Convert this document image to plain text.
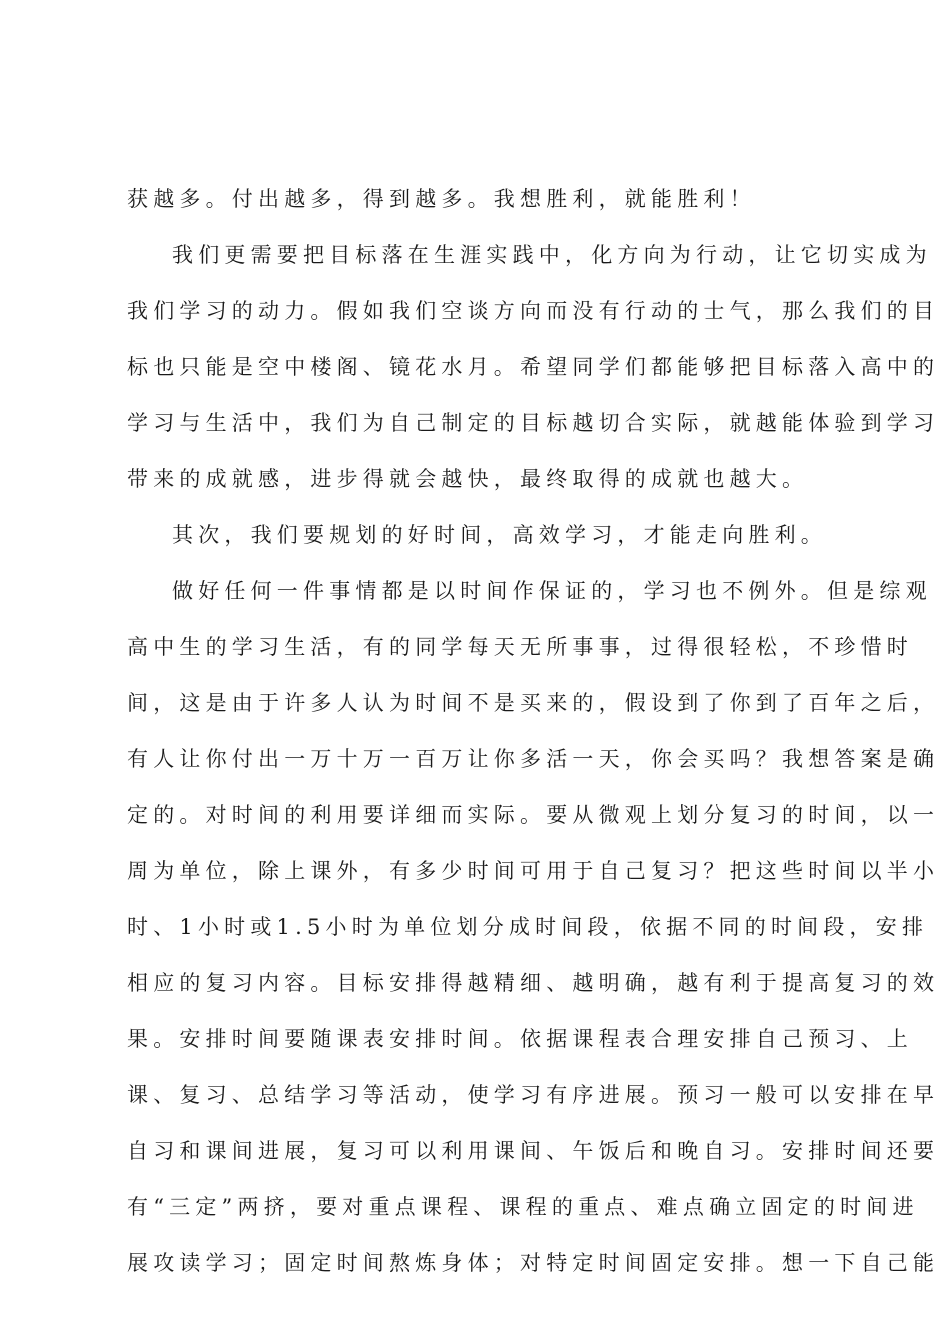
获越多。付出越多，得到越多。我想胜利，就能胜利！
我们更需要把目标落在生涯实践中，化方向为行动，让它切实成为
我们学习的动力。假如我们空谈方向而没有行动的士气，那么我们的目
标也只能是空中楼阁、镜花水月。希望同学们都能够把目标落入高中的
学习与生活中，我们为自己制定的目标越切合实际，就越能体验到学习
带来的成就感，进步得就会越快，最终取得的成就也越大。
其次，我们要规划的好时间，高效学习，才能走向胜利。
做好任何一件事情都是以时间作保证的，学习也不例外。但是综观
高中生的学习生活，有的同学每天无所事事，过得很轻松，不珍惜时
间，这是由于许多人认为时间不是买来的，假设到了你到了百年之后，
有人让你付出一万十万一百万让你多活一天，你会买吗？我想答案是确
定的。对时间的利用要详细而实际。要从微观上划分复习的时间，以一
周为单位，除上课外，有多少时间可用于自己复习？把这些时间以半小
时、1小时或1.5小时为单位划分成时间段，依据不同的时间段，安排
相应的复习内容。目标安排得越精细、越明确，越有利于提高复习的效
果。安排时间要随课表安排时间。依据课程表合理安排自己预习、上
课、复习、总结学习等活动，使学习有序进展。预习一般可以安排在早
自习和课间进展，复习可以利用课间、午饭后和晚自习。安排时间还要
有“三定”两挤，要对重点课程、课程的重点、难点确立固定的时间进
展攻读学习；固定时间熬炼身体；对特定时间固定安排。想一下自己能
